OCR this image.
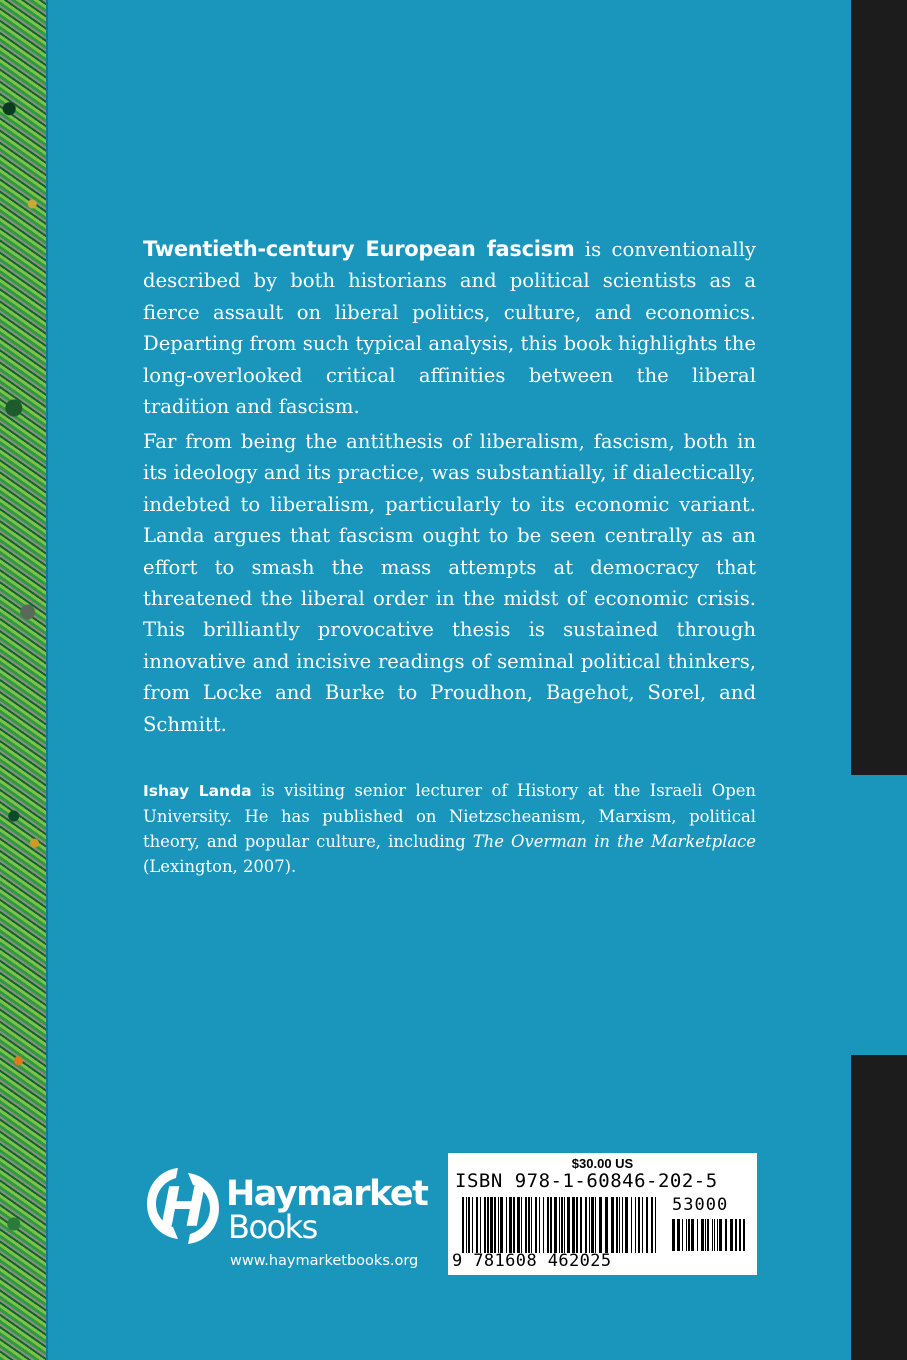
Twentieth-century European fascism is conventionally described by both historians and political scientists as a fierce assault on liberal politics, culture, and economics. Departing from such typical analysis, this book highlights the long-overlooked critical affinities between the liberal tradition and fascism.

Far from being the antithesis of liberalism, fascism, both in its ideology and its practice, was substantially, if dialectically, indebted to liberalism, particularly to its economic variant. Landa argues that fascism ought to be seen centrally as an effort to smash the mass attempts at democracy that threatened the liberal order in the midst of economic crisis. This brilliantly provocative thesis is sustained through innovative and incisive readings of seminal political thinkers, from Locke and Burke to Proudhon, Bagehot, Sorel, and Schmitt.

Ishay Landa is visiting senior lecturer of History at the Israeli Open University. He has published on Nietzscheanism, Marxism, political theory, and popular culture, including The Overman in the Marketplace (Lexington, 2007).

H Haymarket
Books
www.haymarketbooks.org
$30.00 US
ISBN 978-1-60846-202-5
53000
9 781608 462025
